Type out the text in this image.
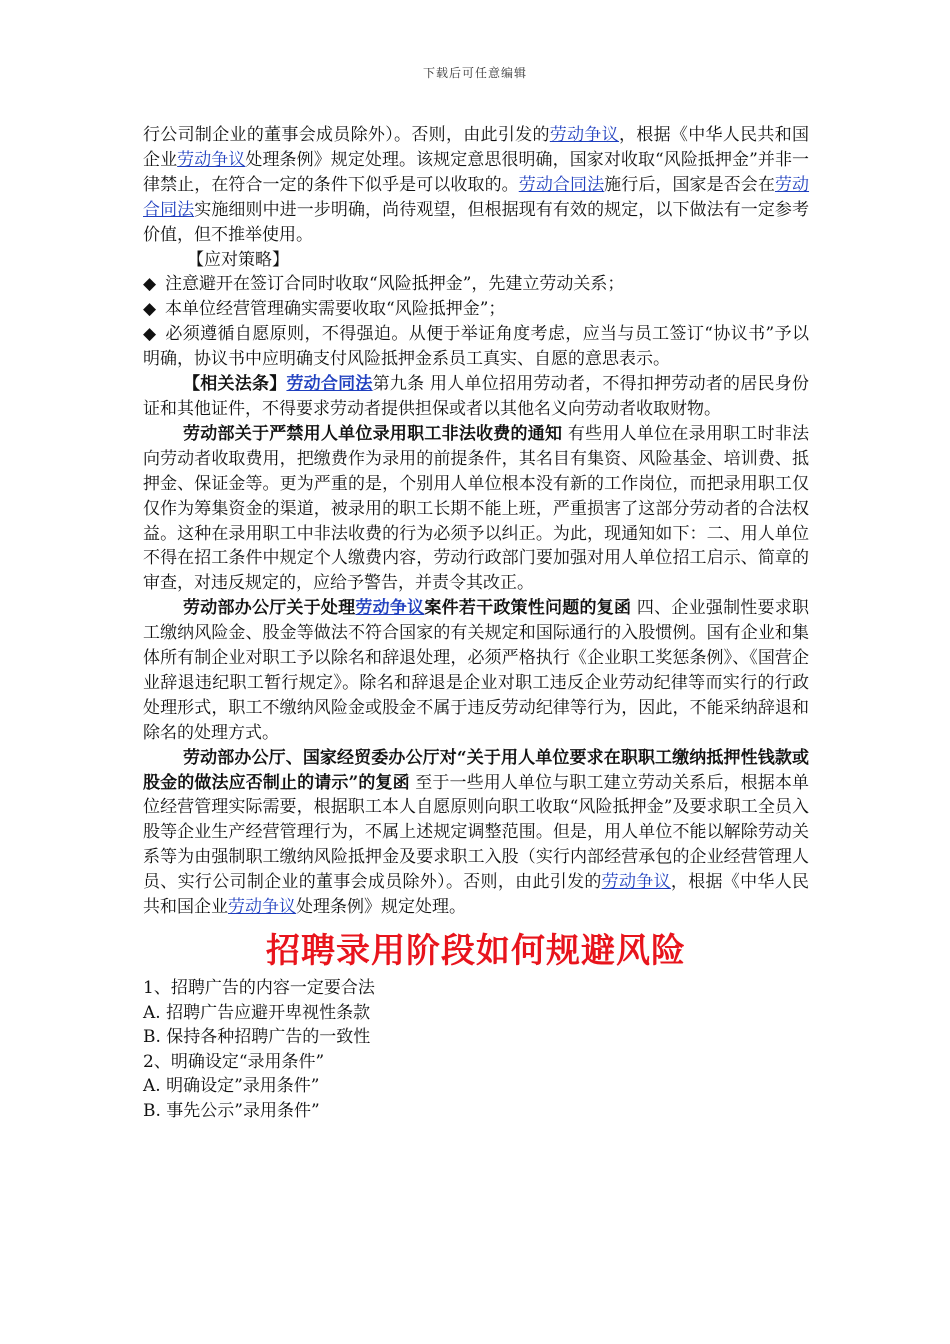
下载后可任意编辑

行公司制企业的董事会成员除外）。否则，由此引发的劳动争议，根据《中华人民共和国企业劳动争议处理条例》规定处理。该规定意思很明确，国家对收取“风险抵押金”并非一律禁止，在符合一定的条件下似乎是可以收取的。劳动合同法施行后，国家是否会在劳动合同法实施细则中进一步明确，尚待观望，但根据现有有效的规定，以下做法有一定参考价值，但不推举使用。

【应对策略】

◆ 注意避开在签订合同时收取“风险抵押金”，先建立劳动关系；

◆ 本单位经营管理确实需要收取“风险抵押金”；

◆ 必须遵循自愿原则，不得强迫。从便于举证角度考虑，应当与员工签订“协议书”予以明确，协议书中应明确支付风险抵押金系员工真实、自愿的意思表示。

【相关法条】劳动合同法第九条 用人单位招用劳动者，不得扣押劳动者的居民身份证和其他证件，不得要求劳动者提供担保或者以其他名义向劳动者收取财物。

劳动部关于严禁用人单位录用职工非法收费的通知 有些用人单位在录用职工时非法向劳动者收取费用，把缴费作为录用的前提条件，其名目有集资、风险基金、培训费、抵押金、保证金等。更为严重的是，个别用人单位根本没有新的工作岗位，而把录用职工仅仅作为筹集资金的渠道，被录用的职工长期不能上班，严重损害了这部分劳动者的合法权益。这种在录用职工中非法收费的行为必须予以纠正。为此，现通知如下：二、用人单位不得在招工条件中规定个人缴费内容，劳动行政部门要加强对用人单位招工启示、简章的审查，对违反规定的，应给予警告，并责令其改正。

劳动部办公厅关于处理劳动争议案件若干政策性问题的复函 四、企业强制性要求职工缴纳风险金、股金等做法不符合国家的有关规定和国际通行的入股惯例。国有企业和集体所有制企业对职工予以除名和辞退处理，必须严格执行《企业职工奖惩条例》、《国营企业辞退违纪职工暂行规定》。除名和辞退是企业对职工违反企业劳动纪律等而实行的行政处理形式，职工不缴纳风险金或股金不属于违反劳动纪律等行为，因此，不能采纳辞退和除名的处理方式。

劳动部办公厅、国家经贸委办公厅对“关于用人单位要求在职职工缴纳抵押性钱款或股金的做法应否制止的请示”的复函 至于一些用人单位与职工建立劳动关系后，根据本单位经营管理实际需要，根据职工本人自愿原则向职工收取“风险抵押金”及要求职工全员入股等企业生产经营管理行为，不属上述规定调整范围。但是，用人单位不能以解除劳动关系等为由强制职工缴纳风险抵押金及要求职工入股（实行内部经营承包的企业经营管理人员、实行公司制企业的董事会成员除外）。否则，由此引发的劳动争议，根据《中华人民共和国企业劳动争议处理条例》规定处理。

招聘录用阶段如何规避风险

1、招聘广告的内容一定要合法

A. 招聘广告应避开卑视性条款

B. 保持各种招聘广告的一致性

2、明确设定“录用条件”

A. 明确设定”录用条件”

B. 事先公示”录用条件”
